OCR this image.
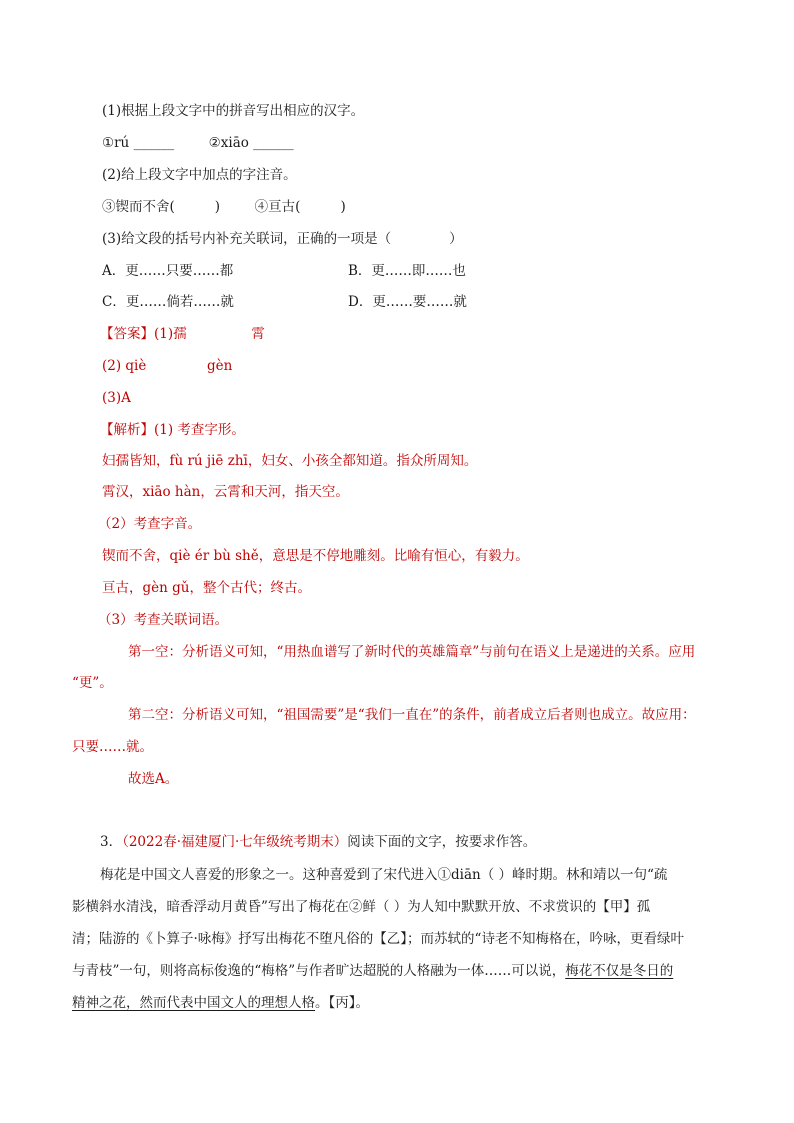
(1)根据上段文字中的拼音写出相应的汉字。
①rú ______	②xiāo ______
(2)给上段文字中加点的字注音。
③锲而不舍(	)	④亘古(	)
(3)给文段的括号内补充关联词，正确的一项是（	）
A．更……只要……都	B．更……即……也
C．更……倘若……就	D．更……要……就
【答案】(1)孺	霄
(2) qiè	gèn
(3)A
【解析】(1) 考查字形。
妇孺皆知，fù rú jiē zhī，妇女、小孩全都知道。指众所周知。
霄汉，xiāo hàn，云霄和天河，指天空。
（2）考查字音。
锲而不舍，qiè ér bù shě，意思是不停地雕刻。比喻有恒心，有毅力。
亘古，gèn gǔ，整个古代；终古。
（3）考查关联词语。
第一空：分析语义可知，“用热血谱写了新时代的英雄篇章”与前句在语义上是递进的关系。应用
“更”。
第二空：分析语义可知，“祖国需要”是“我们一直在”的条件，前者成立后者则也成立。故应用：
只要……就。
故选A。
3．（2022春·福建厦门·七年级统考期末）阅读下面的文字，按要求作答。
梅花是中国文人喜爱的形象之一。这种喜爱到了宋代进入①diān（ ）峰时期。林和靖以一句“疏
影横斜水清浅，暗香浮动月黄昏”写出了梅花在②鲜（ ）为人知中默默开放、不求赏识的【甲】孤
清；陆游的《卜算子·咏梅》抒写出梅花不堕凡俗的【乙】；而苏轼的“诗老不知梅格在，吟咏，更看绿叶
与青枝”一句，则将高标俊逸的“梅格”与作者旷达超脱的人格融为一体……可以说，梅花不仅是冬日的
精神之花，然而代表中国文人的理想人格。【丙】。
